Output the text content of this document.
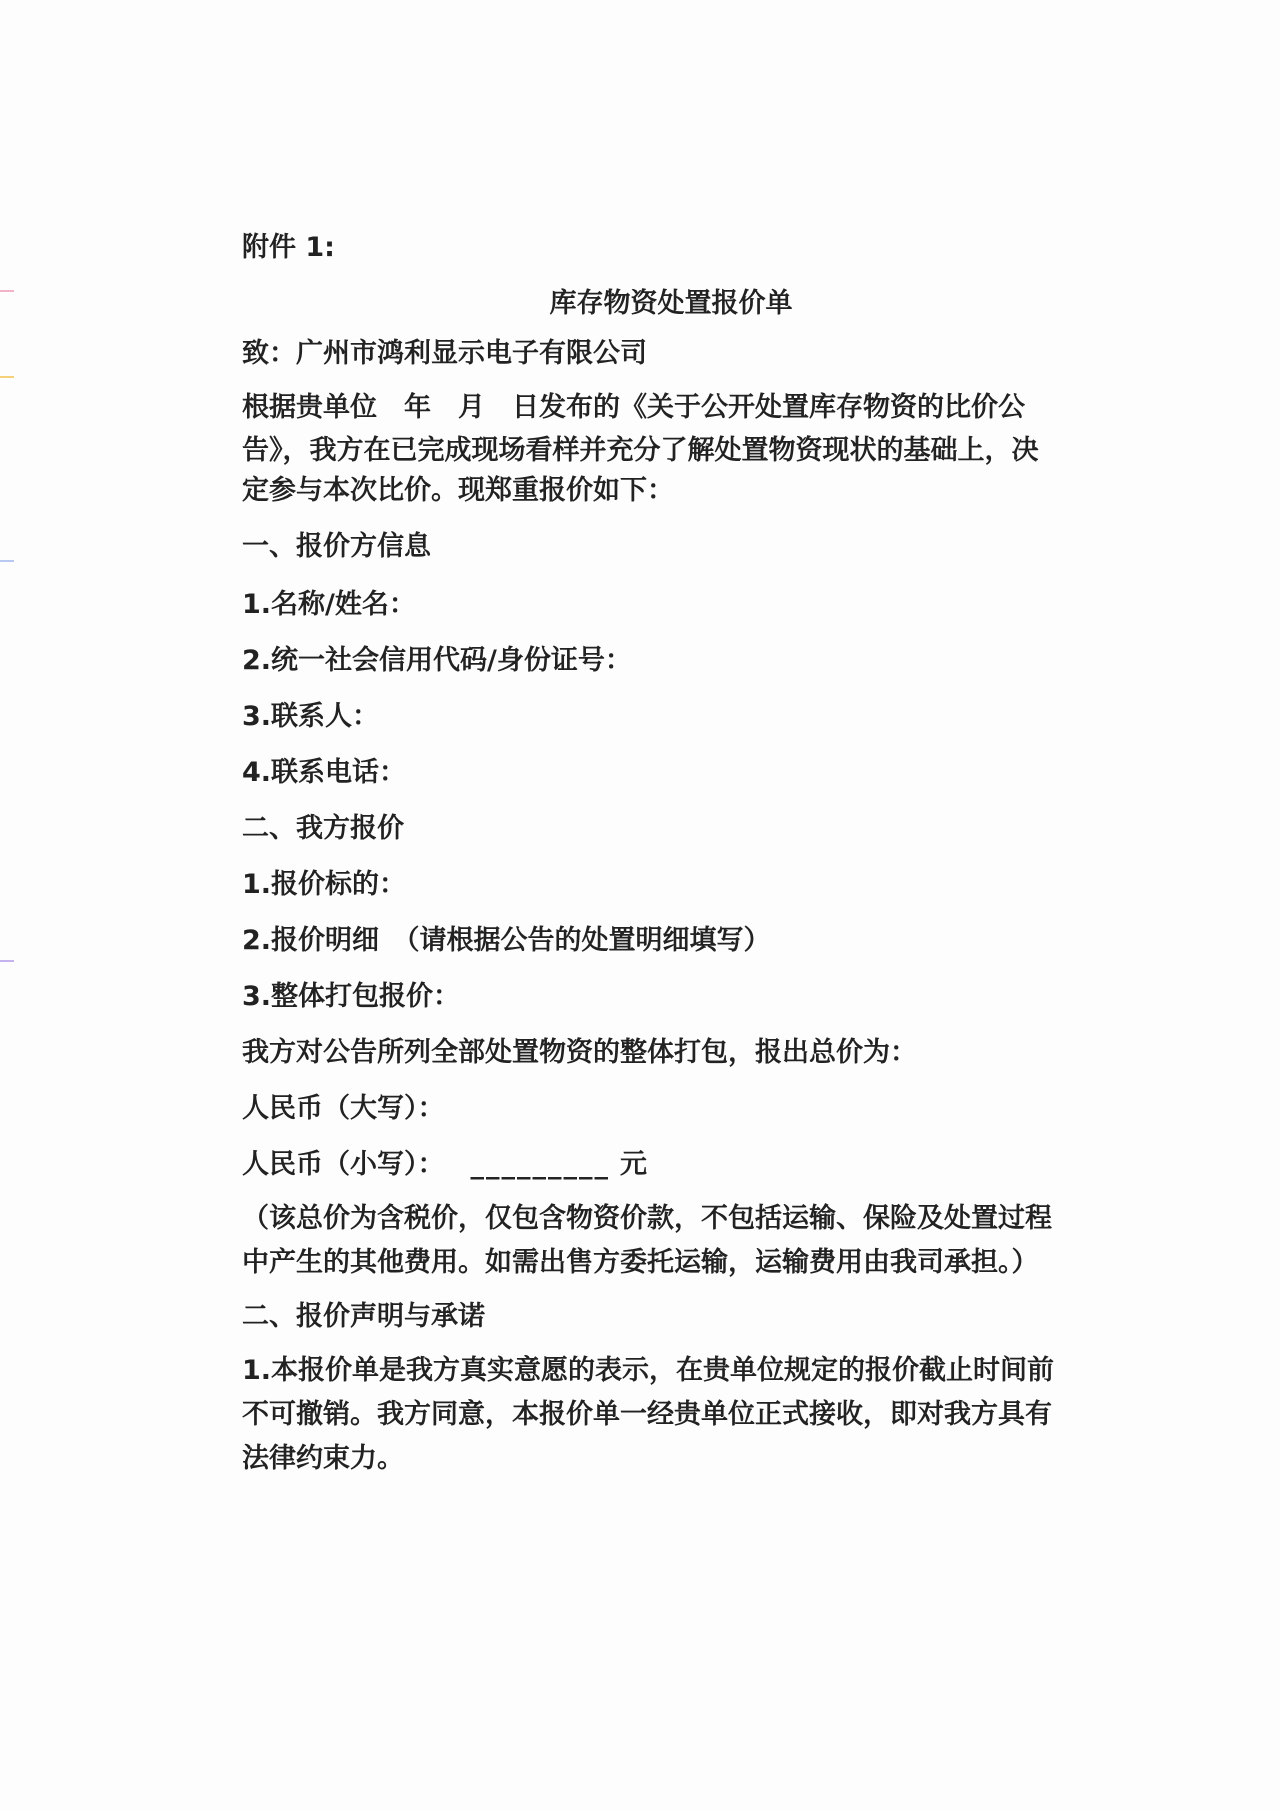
附件 1:

库存物资处置报价单

致：广州市鸿利显示电子有限公司

根据贵单位　年　月　日发布的《关于公开处置库存物资的比价公

告》，我方在已完成现场看样并充分了解处置物资现状的基础上，决

定参与本次比价。现郑重报价如下：

一、报价方信息

1.名称/姓名：

2.统一社会信用代码/身份证号：

3.联系人：

4.联系电话：

二、我方报价

1.报价标的：

2.报价明细　（请根据公告的处置明细填写）

3.整体打包报价：

我方对公告所列全部处置物资的整体打包，报出总价为：

人民币（大写）：

人民币（小写）： _________ 元

（该总价为含税价，仅包含物资价款，不包括运输、保险及处置过程

中产生的其他费用。如需出售方委托运输，运输费用由我司承担。）

二、报价声明与承诺

1.本报价单是我方真实意愿的表示，在贵单位规定的报价截止时间前

不可撤销。我方同意，本报价单一经贵单位正式接收，即对我方具有

法律约束力。
